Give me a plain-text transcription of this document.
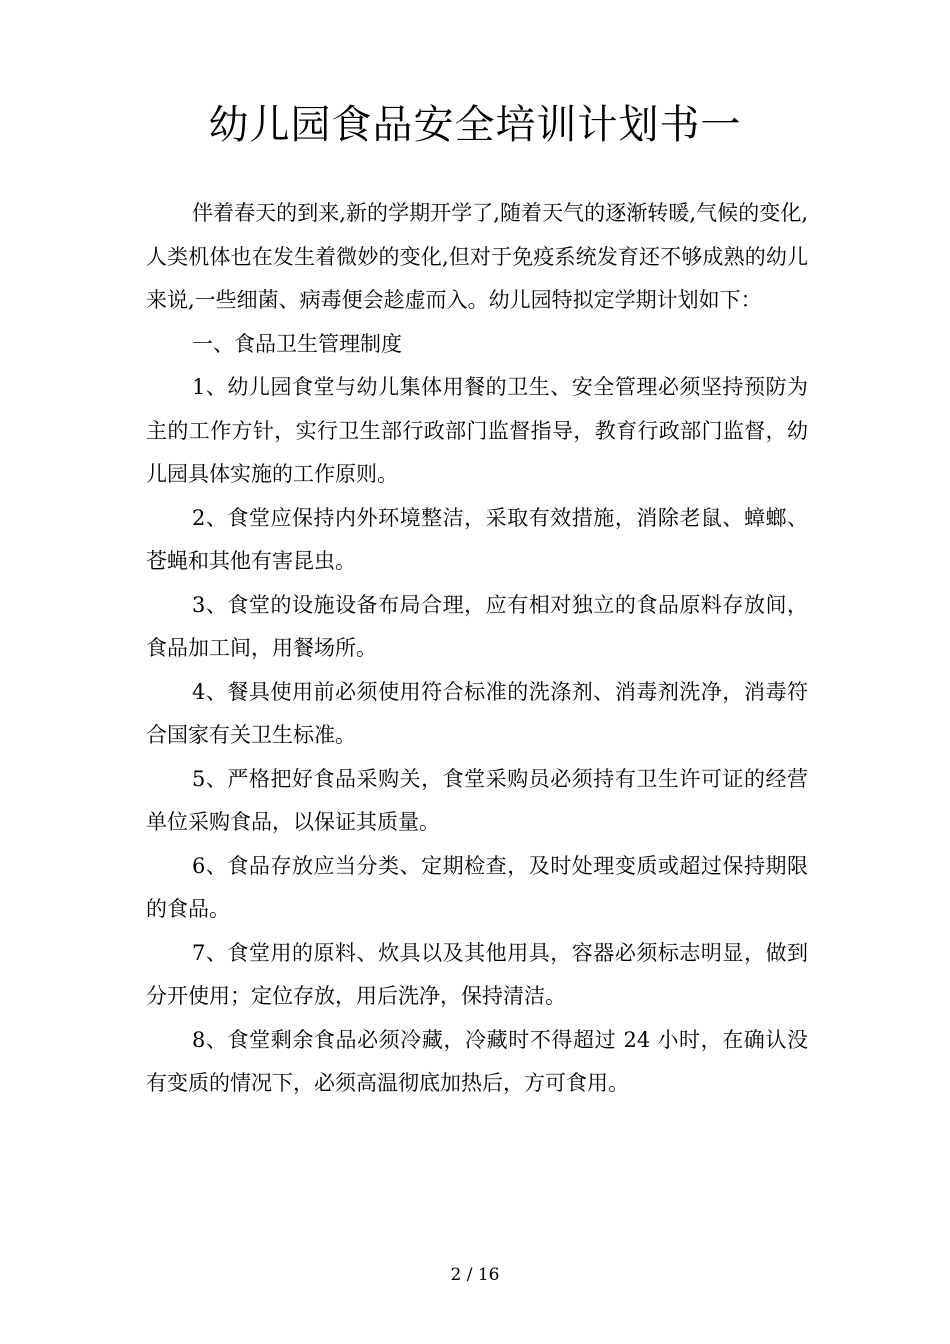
幼儿园食品安全培训计划书一

伴着春天的到来,新的学期开学了,随着天气的逐渐转暖,气候的变化,人类机体也在发生着微妙的变化,但对于免疫系统发育还不够成熟的幼儿来说,一些细菌、病毒便会趁虚而入。幼儿园特拟定学期计划如下：

一、食品卫生管理制度

1、幼儿园食堂与幼儿集体用餐的卫生、安全管理必须坚持预防为主的工作方针，实行卫生部行政部门监督指导，教育行政部门监督，幼儿园具体实施的工作原则。

2、食堂应保持内外环境整洁，采取有效措施，消除老鼠、蟑螂、苍蝇和其他有害昆虫。

3、食堂的设施设备布局合理，应有相对独立的食品原料存放间，食品加工间，用餐场所。

4、餐具使用前必须使用符合标准的洗涤剂、消毒剂洗净，消毒符合国家有关卫生标准。

5、严格把好食品采购关，食堂采购员必须持有卫生许可证的经营单位采购食品，以保证其质量。

6、食品存放应当分类、定期检查，及时处理变质或超过保持期限的食品。

7、食堂用的原料、炊具以及其他用具，容器必须标志明显，做到分开使用；定位存放，用后洗净，保持清洁。

8、食堂剩余食品必须冷藏，冷藏时不得超过 24 小时，在确认没有变质的情况下，必须高温彻底加热后，方可食用。

2 / 16
